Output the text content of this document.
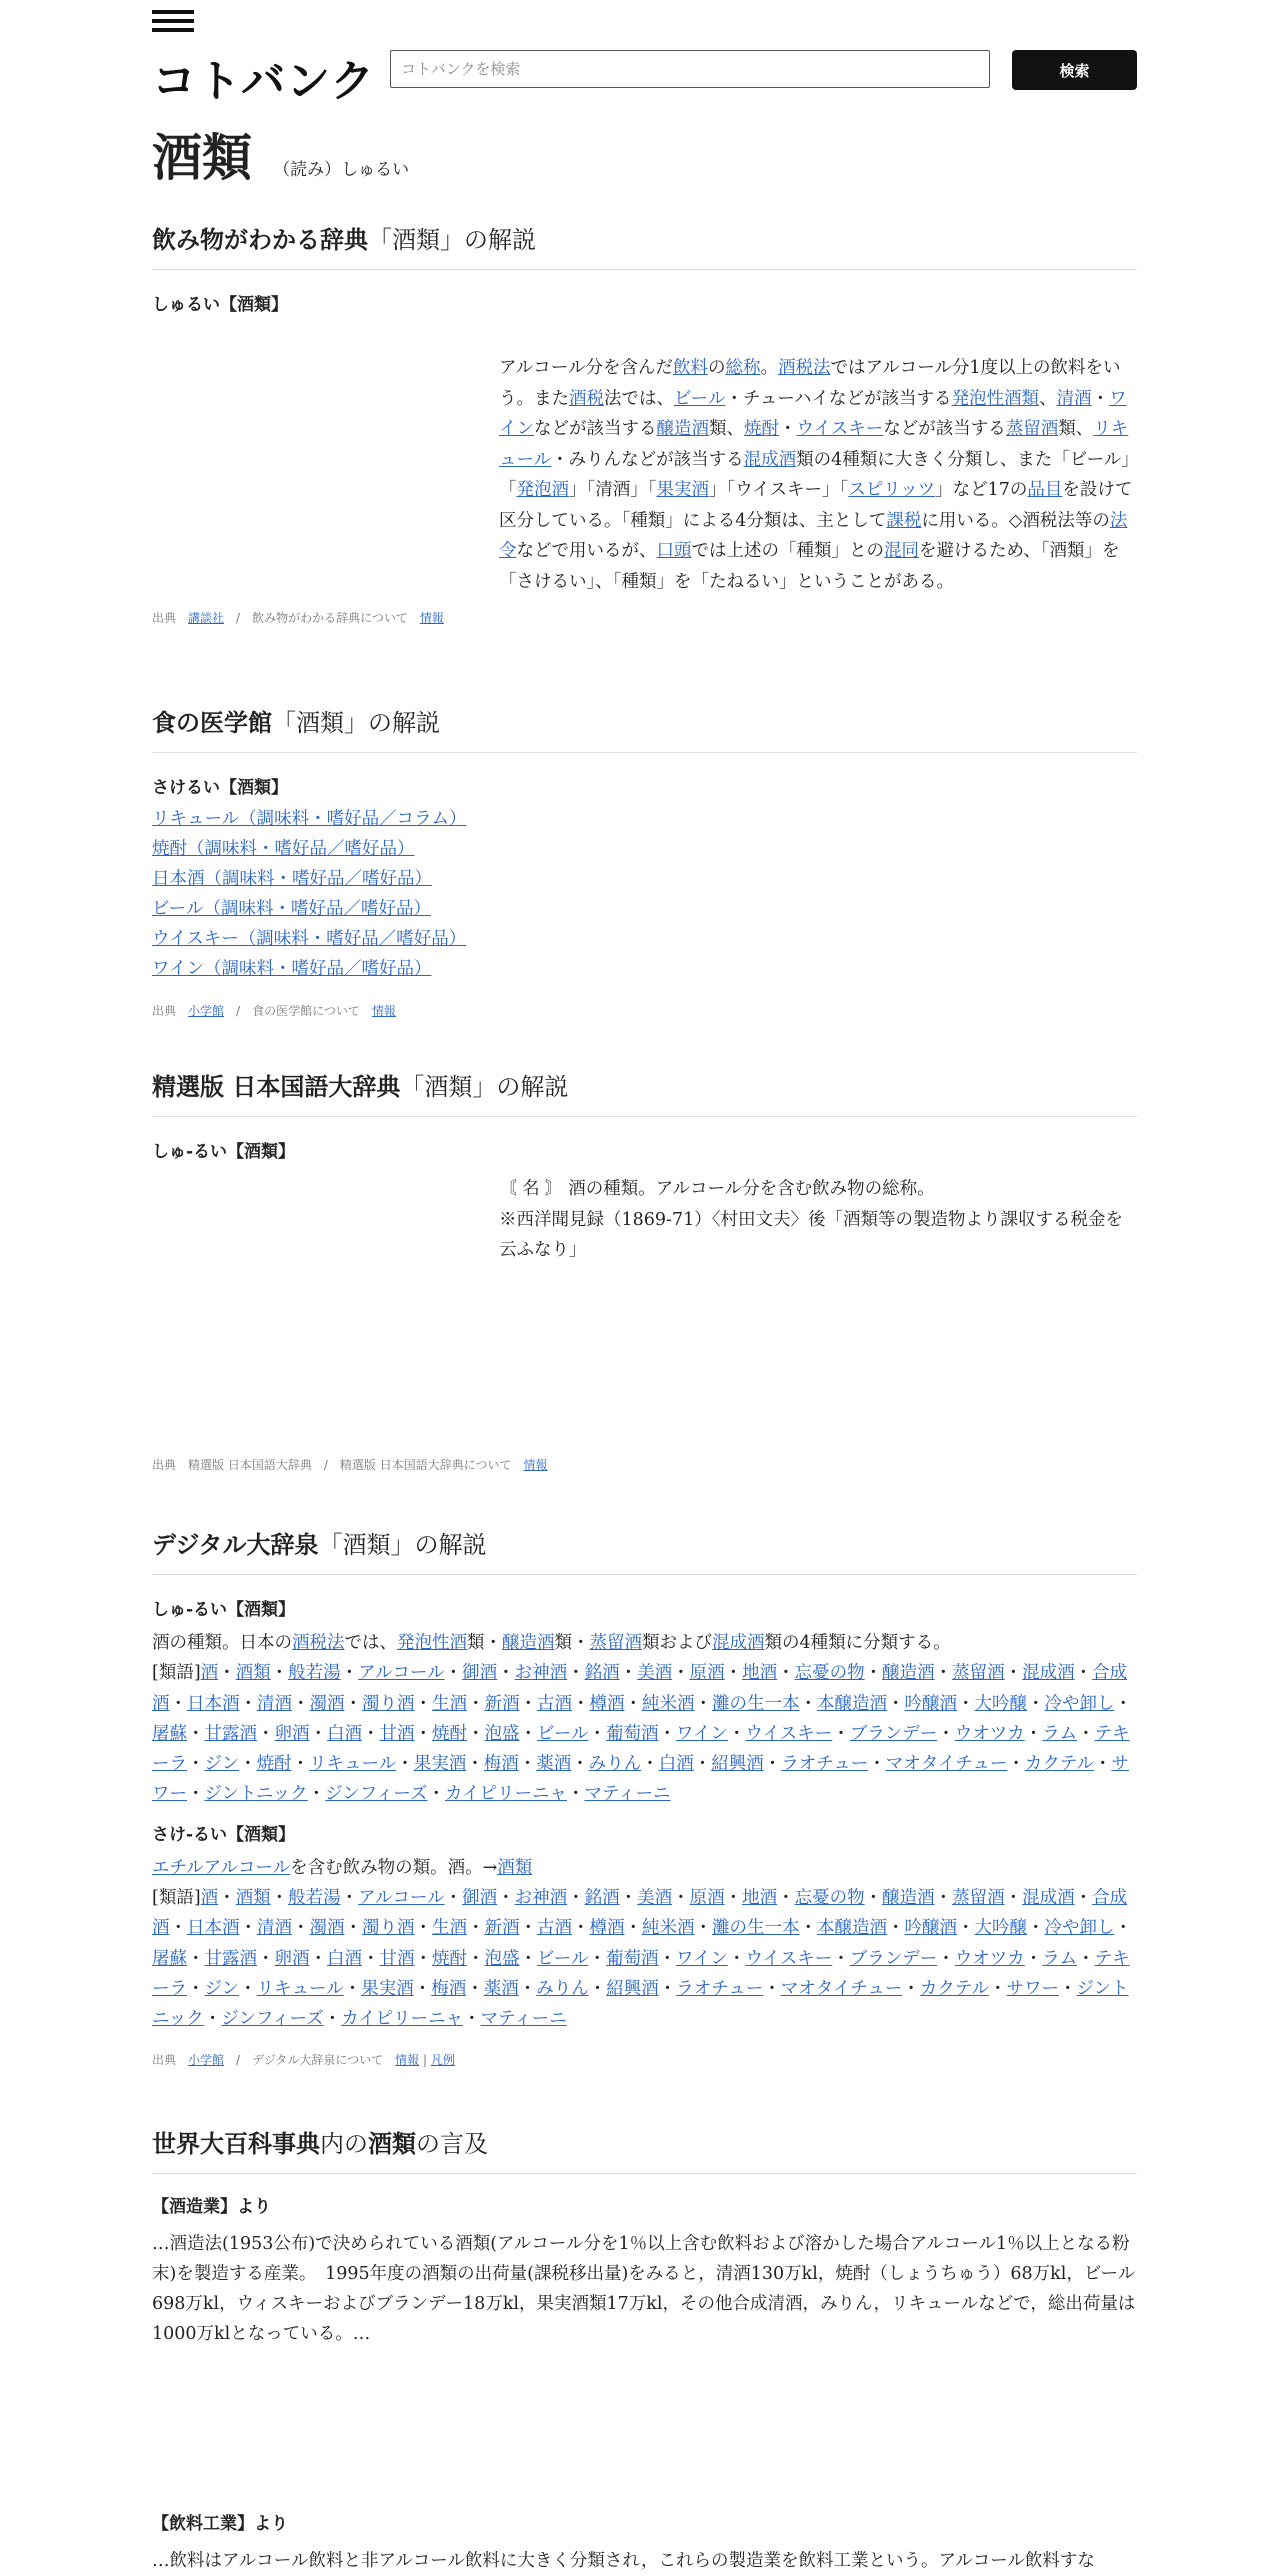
コトバンク
コトバンクを検索	検索
酒類 （読み）しゅるい
飲み物がわかる辞典「酒類」の解説
しゅるい【酒類】
アルコール分を含んだ飲料の総称。酒税法ではアルコール分1度以上の飲料をいう。また酒税法では、ビール・チューハイなどが該当する発泡性酒類、清酒・ワインなどが該当する醸造酒類、焼酎・ウイスキーなどが該当する蒸留酒類、リキュール・みりんなどが該当する混成酒類の4種類に大きく分類し、また「ビール」「発泡酒」「清酒」「果実酒」「ウイスキー」「スピリッツ」など17の品目を設けて区分している。「種類」による4分類は、主として課税に用いる。◇酒税法等の法令などで用いるが、口頭では上述の「種類」との混同を避けるため、「酒類」を「さけるい」、「種類」を「たねるい」ということがある。
出典　 講談社　/　飲み物がわかる辞典について　 情報
食の医学館「酒類」の解説
さけるい【酒類】
リキュール（調味料・嗜好品／コラム）
焼酎（調味料・嗜好品／嗜好品）
日本酒（調味料・嗜好品／嗜好品）
ビール（調味料・嗜好品／嗜好品）
ウイスキー（調味料・嗜好品／嗜好品）
ワイン（調味料・嗜好品／嗜好品）
出典　 小学館　/　食の医学館について　 情報
精選版 日本国語大辞典「酒類」の解説
しゅ‐るい【酒類】
〘 名 〙 酒の種類。アルコール分を含む飲み物の総称。
※西洋聞見録（1869‐71）〈村田文夫〉後「酒類等の製造物より課収する税金を云ふなり」
出典　 精選版 日本国語大辞典　/　精選版 日本国語大辞典について　 情報
デジタル大辞泉「酒類」の解説
しゅ‐るい【酒類】
酒の種類。日本の酒税法では、発泡性酒類・醸造酒類・蒸留酒類および混成酒類の4種類に分類する。
[類語]酒・酒類・般若湯・アルコール・御酒・お神酒・銘酒・美酒・原酒・地酒・忘憂の物・醸造酒・蒸留酒・混成酒・合成酒・日本酒・清酒・濁酒・濁り酒・生酒・新酒・古酒・樽酒・純米酒・灘の生一本・本醸造酒・吟醸酒・大吟醸・冷や卸し・屠蘇・甘露酒・卵酒・白酒・甘酒・焼酎・泡盛・ビール・葡萄酒・ワイン・ウイスキー・ブランデー・ウオツカ・ラム・テキーラ・ジン・焼酎・リキュール・果実酒・梅酒・薬酒・みりん・白酒・紹興酒・ラオチュー・マオタイチュー・カクテル・サワー・ジントニック・ジンフィーズ・カイピリーニャ・マティーニ
さけ‐るい【酒類】
エチルアルコールを含む飲み物の類。酒。→酒類
[類語]酒・酒類・般若湯・アルコール・御酒・お神酒・銘酒・美酒・原酒・地酒・忘憂の物・醸造酒・蒸留酒・混成酒・合成酒・日本酒・清酒・濁酒・濁り酒・生酒・新酒・古酒・樽酒・純米酒・灘の生一本・本醸造酒・吟醸酒・大吟醸・冷や卸し・屠蘇・甘露酒・卵酒・白酒・甘酒・焼酎・泡盛・ビール・葡萄酒・ワイン・ウイスキー・ブランデー・ウオツカ・ラム・テキーラ・ジン・リキュール・果実酒・梅酒・薬酒・みりん・紹興酒・ラオチュー・マオタイチュー・カクテル・サワー・ジントニック・ジンフィーズ・カイピリーニャ・マティーニ
出典　 小学館　/　デジタル大辞泉について　 情報 | 凡例
世界大百科事典内の酒類の言及
【酒造業】より
…酒造法(1953公布)で決められている酒類(アルコール分を1％以上含む飲料および溶かした場合アルコール1％以上となる粉末)を製造する産業。　1995年度の酒類の出荷量(課税移出量)をみると，清酒130万kl，焼酎（しょうちゅう）68万kl，ビール698万kl，ウィスキーおよびブランデー18万kl，果実酒類17万kl，その他合成清酒，みりん，リキュールなどで，総出荷量は1000万klとなっている。…
【飲料工業】より
…飲料はアルコール飲料と非アルコール飲料に大きく分類され，これらの製造業を飲料工業という。アルコール飲料すな
